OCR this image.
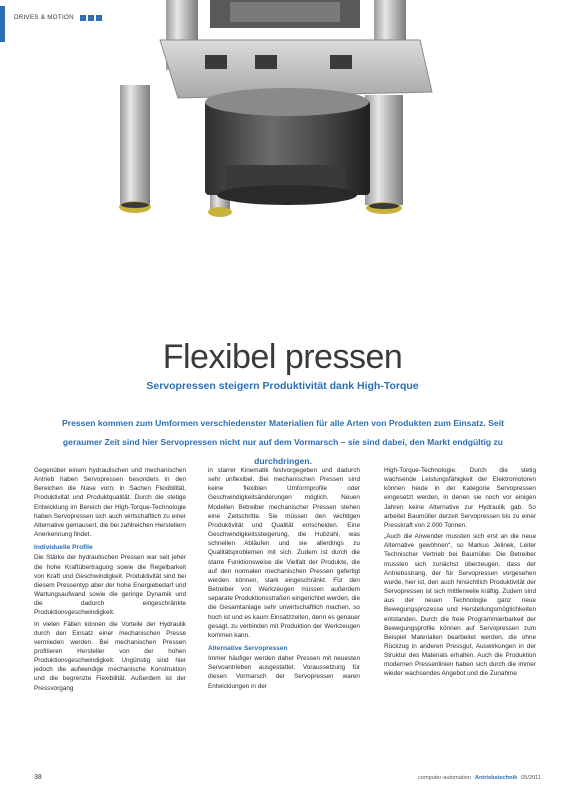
DRIVES & MOTION
Flexibel pressen
Servopressen steigern Produktivität dank High-Torque
Pressen kommen zum Umformen verschiedenster Materialien für alle Arten von Produkten zum Einsatz. Seit geraumer Zeit sind hier Servopressen nicht nur auf dem Vormarsch – sie sind dabei, den Markt endgültig zu durchdringen.

Gegenüber einem hydraulischen und mechanischen Antrieb haben Servopressen besonders in den Bereichen die Nase vorn: in Sachen Flexibilität, Produktivität und Produktqualität. Durch die stetige Entwicklung im Bereich der High-Torque-Technologie haben Servopressen sich auch wirtschaftlich zu einer Alternative gemausert, die bei zahlreichen Herstellern Anerkennung findet.

Individuelle Profile

Die Stärke der hydraulischen Pressen war seit jeher die hohe Kraftübertragung sowie die Regelbarkeit von Kraft und Geschwindigkeit. Produktivität sind bei diesem Pressentyp aber der hohe Energiebedarf und Wartungsaufwand sowie die geringe Dynamik und die dadurch eingeschränkte Produktionsgeschwindigkeit.

In vielen Fällen können die Vorteile der Hydraulik durch den Einsatz einer mechanischen Presse vermieden werden. Bei mechanischen Pressen profitieren Hersteller von der hohen Produktionsgeschwindigkeit. Ungünstig sind hier jedoch die aufwendige mechanische Konstruktion und die begrenzte Flexibilität. Außerdem ist der Pressvorgang

in starrer Kinematik festvorgegeben und dadurch sehr unflexibel. Bei mechanischen Pressen sind keine flexiblen Umformprofile oder Geschwindigkeitsänderungen möglich. Neuen Modellen Betreiber mechanischer Pressen stehen eine Zeitschritte. Sie müssen den wichtigen Produktivität und Qualität entscheiden. Eine Geschwindigkeitssteigerung, die Hubzahl, was schnellen Abläufen und sie allerdings zu Qualitätsproblemen mit sich. Zudem ist durch die starre Funktionsweise die Vielfalt der Produkte, die auf den normalen mechanischen Pressen gefertigt werden können, stark eingeschränkt. Für den Betreiber von Werkzeugen müssen außerdem separate Produktionsstraßen eingerichtet werden, die die Gesamtanlage sehr unwirtschaftlich machen, so hoch ist und es kaum Einsatzzeiten, denn es genauer gesagt, zu verbinden mit Produktion der Werkzeugen kommen kann.

Alternative Servopressen

Immer häufiger werden daher Pressen mit neuesten Servoantrieben ausgestattet. Voraussetzung für diesen Vormarsch der Servopressen waren Entwicklungen in der

High-Torque-Technologie. Durch die stetig wachsende Leistungsfähigkeit der Elektromotoren können heute in der Kategorie Servopressen eingesetzt werden, in denen sie noch vor einigen Jahren keine Alternative zur Hydraulik gab. So arbeitet Baumüller derzeit Servopressen bis zu einer Presskraft von 2.000 Tonnen.

„Auch die Anwender mussten sich erst an die neue Alternative gewöhnen“, so Markus Jelinek, Leiter Technischer Vertrieb bei Baumüller. Die Betreiber mussten sich zunächst überzeugen, dass der Antriebsstrang, der für Servopressen vorgesehen wurde, hier ist, den auch hinsichtlich Produktivität der Servopressen ist sich mittlerweile kräftig. Zudem sind aus der neuen Technologie ganz neue Bewegungsprozesse und Herstellungsmöglichkeiten entstanden. Durch die freie Programmierbarkeit der Bewegungsprofile können auf Servopressen zum Beispiel Materialien bearbeitet werden, die ohne Rückzug in anderen Pressgut, Auswirkungen in der Struktur des Materials erhalten. Auch die Produktion modernen Pressenlinien haben sich durch die immer wieder wachsendes Angebot und die Zunahme

38	computer-automation Antriebstechnik 05/2011
